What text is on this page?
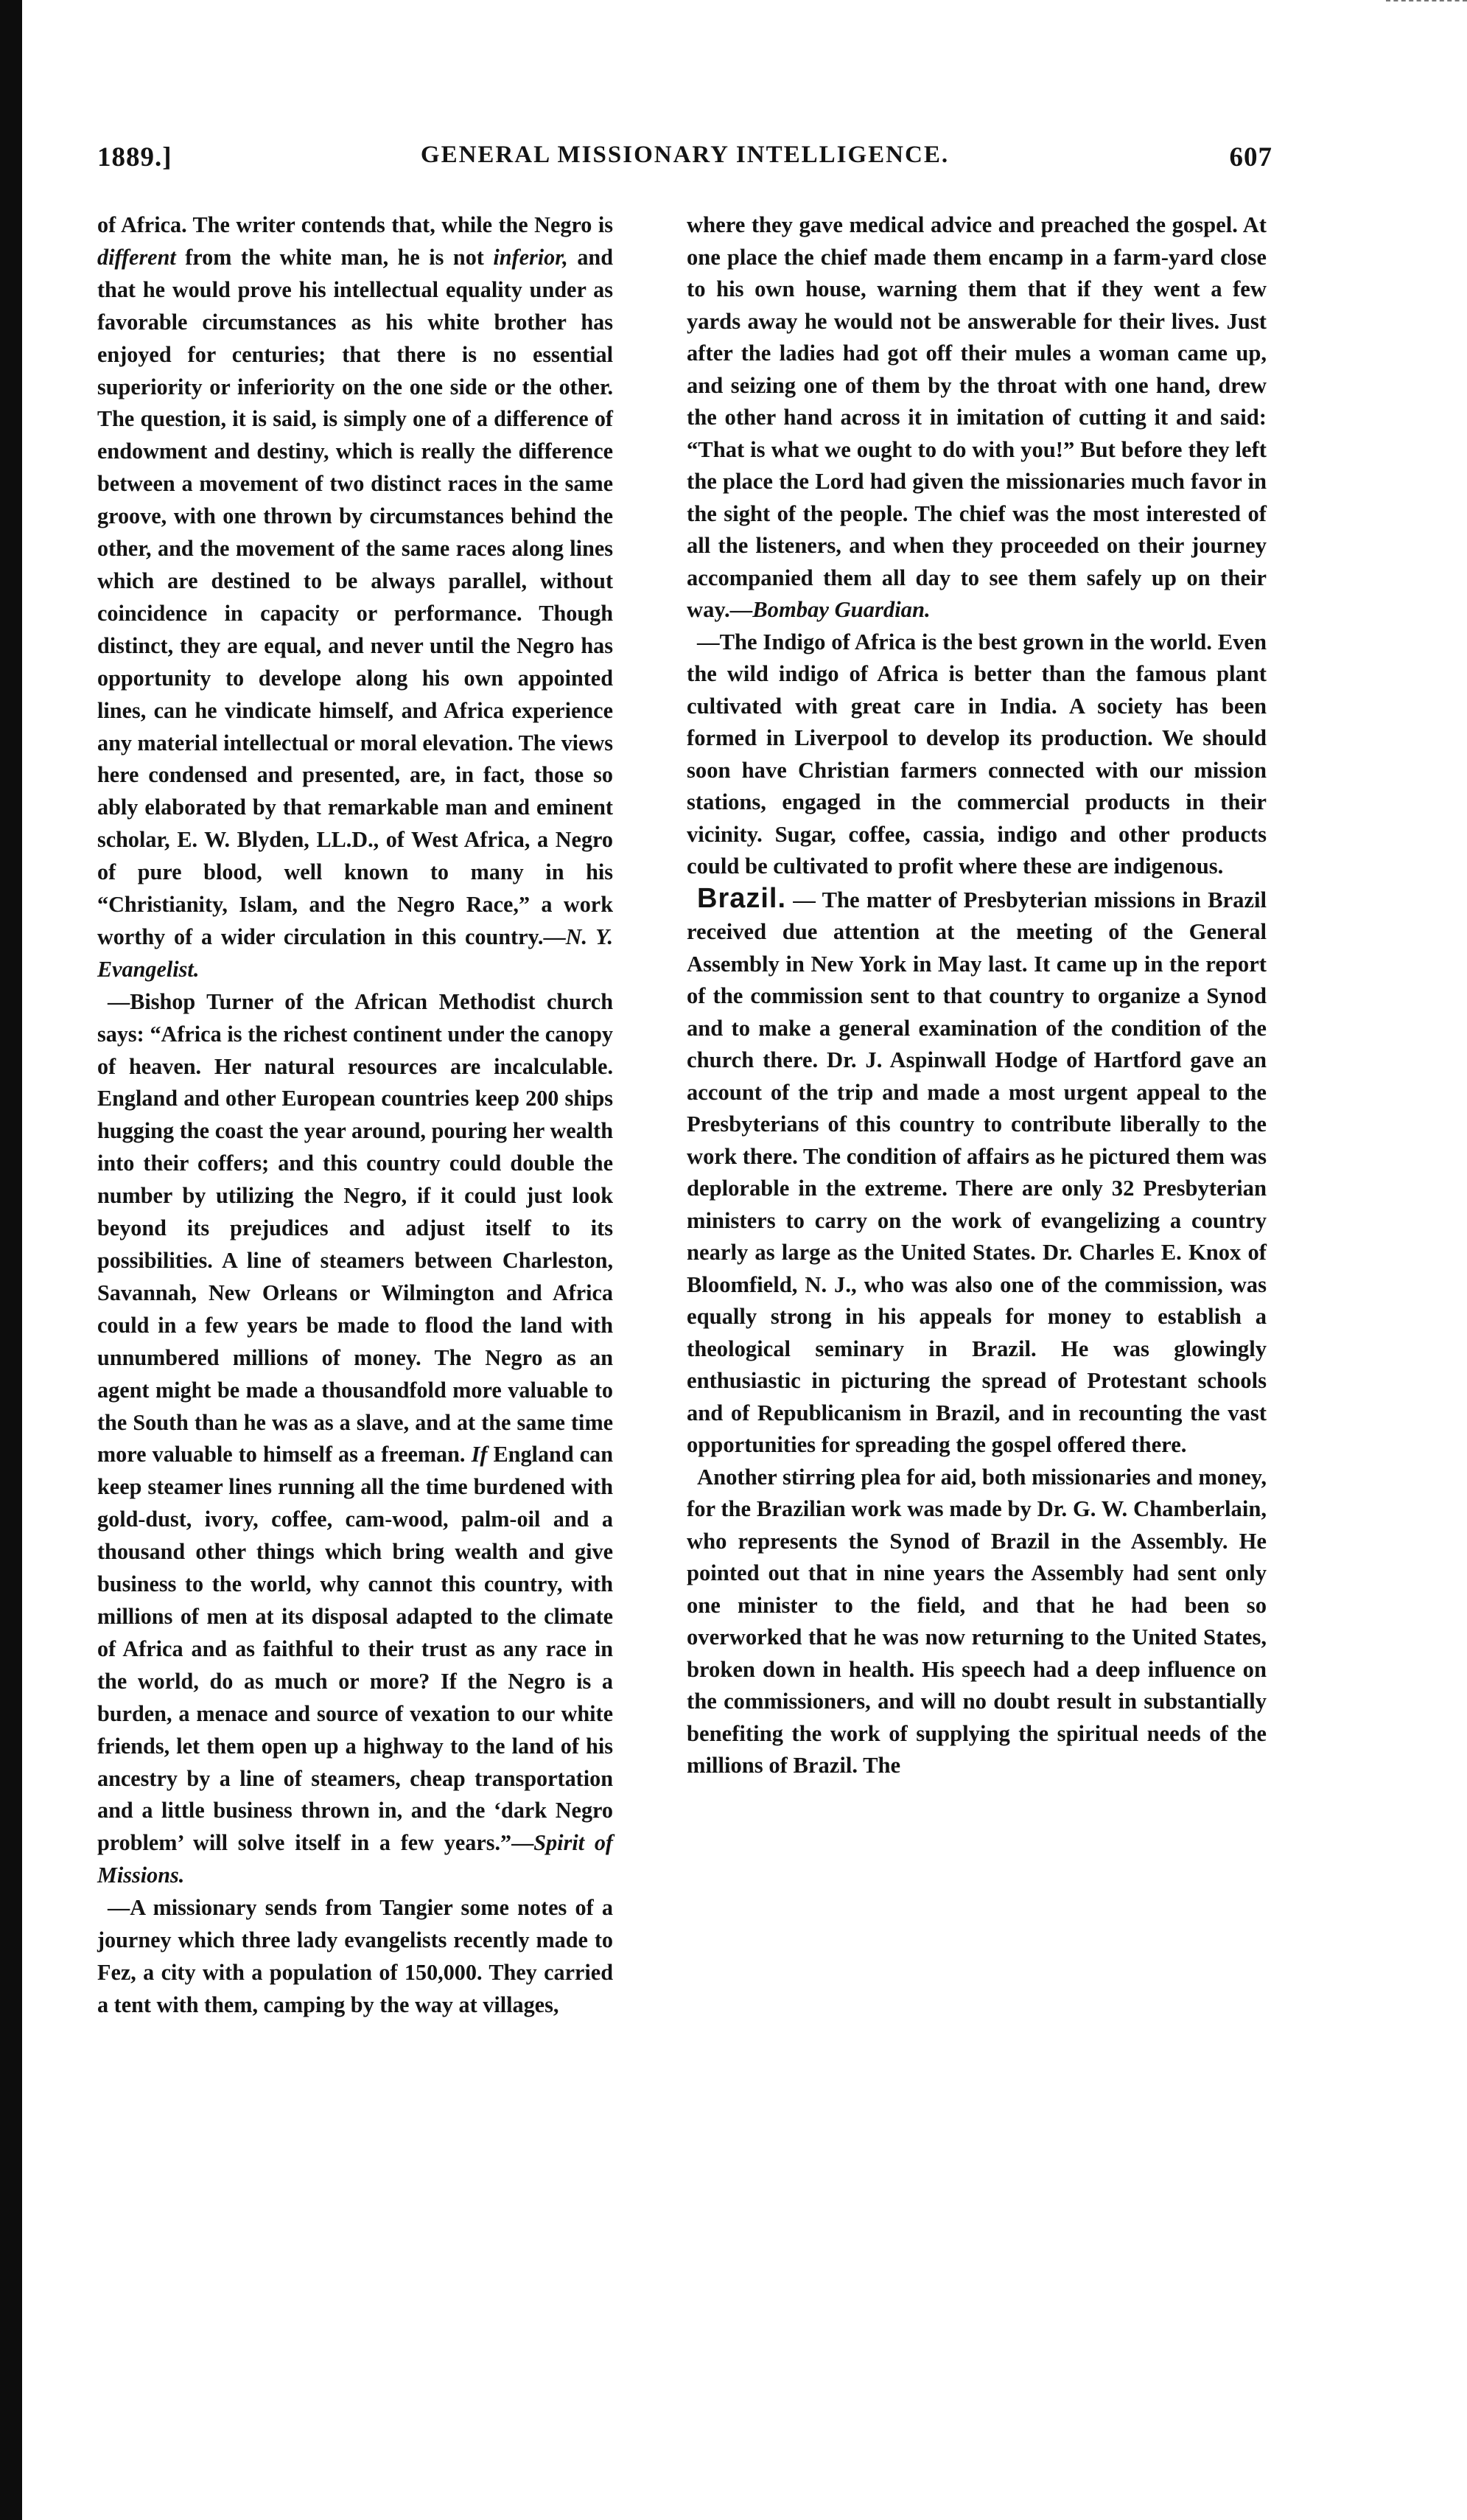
1889.]	GENERAL MISSIONARY INTELLIGENCE.	607

of Africa. The writer contends that, while the Negro is different from the white man, he is not inferior, and that he would prove his intellectual equality under as favorable circumstances as his white brother has enjoyed for centuries; that there is no essential superiority or inferiority on the one side or the other. The question, it is said, is simply one of a difference of endowment and destiny, which is really the difference between a movement of two distinct races in the same groove, with one thrown by circumstances behind the other, and the movement of the same races along lines which are destined to be always parallel, without coincidence in capacity or performance. Though distinct, they are equal, and never until the Negro has opportunity to develope along his own appointed lines, can he vindicate himself, and Africa experience any material intellectual or moral elevation. The views here condensed and presented, are, in fact, those so ably elaborated by that remarkable man and eminent scholar, E. W. Blyden, LL.D., of West Africa, a Negro of pure blood, well known to many in his “Christianity, Islam, and the Negro Race,” a work worthy of a wider circulation in this country.—N. Y. Evangelist.

—Bishop Turner of the African Methodist church says: “Africa is the richest continent under the canopy of heaven. Her natural resources are incalculable. England and other European countries keep 200 ships hugging the coast the year around, pouring her wealth into their coffers; and this country could double the number by utilizing the Negro, if it could just look beyond its prejudices and adjust itself to its possibilities. A line of steamers between Charleston, Savannah, New Orleans or Wilmington and Africa could in a few years be made to flood the land with unnumbered millions of money. The Negro as an agent might be made a thousandfold more valuable to the South than he was as a slave, and at the same time more valuable to himself as a freeman. If England can keep steamer lines running all the time burdened with gold-dust, ivory, coffee, cam-wood, palm-oil and a thousand other things which bring wealth and give business to the world, why cannot this country, with millions of men at its disposal adapted to the climate of Africa and as faithful to their trust as any race in the world, do as much or more? If the Negro is a burden, a menace and source of vexation to our white friends, let them open up a highway to the land of his ancestry by a line of steamers, cheap transportation and a little business thrown in, and the ‘dark Negro problem’ will solve itself in a few years.”—Spirit of Missions.

—A missionary sends from Tangier some notes of a journey which three lady evangelists recently made to Fez, a city with a population of 150,000. They carried a tent with them, camping by the way at villages,

where they gave medical advice and preached the gospel. At one place the chief made them encamp in a farm-yard close to his own house, warning them that if they went a few yards away he would not be answerable for their lives. Just after the ladies had got off their mules a woman came up, and seizing one of them by the throat with one hand, drew the other hand across it in imitation of cutting it and said: “That is what we ought to do with you!” But before they left the place the Lord had given the missionaries much favor in the sight of the people. The chief was the most interested of all the listeners, and when they proceeded on their journey accompanied them all day to see them safely up on their way.—Bombay Guardian.

—The Indigo of Africa is the best grown in the world. Even the wild indigo of Africa is better than the famous plant cultivated with great care in India. A society has been formed in Liverpool to develop its production. We should soon have Christian farmers connected with our mission stations, engaged in the commercial products in their vicinity. Sugar, coffee, cassia, indigo and other products could be cultivated to profit where these are indigenous.

Brazil. — The matter of Presbyterian missions in Brazil received due attention at the meeting of the General Assembly in New York in May last. It came up in the report of the commission sent to that country to organize a Synod and to make a general examination of the condition of the church there. Dr. J. Aspinwall Hodge of Hartford gave an account of the trip and made a most urgent appeal to the Presbyterians of this country to contribute liberally to the work there. The condition of affairs as he pictured them was deplorable in the extreme. There are only 32 Presbyterian ministers to carry on the work of evangelizing a country nearly as large as the United States. Dr. Charles E. Knox of Bloomfield, N. J., who was also one of the commission, was equally strong in his appeals for money to establish a theological seminary in Brazil. He was glowingly enthusiastic in picturing the spread of Protestant schools and of Republicanism in Brazil, and in recounting the vast opportunities for spreading the gospel offered there.

Another stirring plea for aid, both missionaries and money, for the Brazilian work was made by Dr. G. W. Chamberlain, who represents the Synod of Brazil in the Assembly. He pointed out that in nine years the Assembly had sent only one minister to the field, and that he had been so overworked that he was now returning to the United States, broken down in health. His speech had a deep influence on the commissioners, and will no doubt result in substantially benefiting the work of supplying the spiritual needs of the millions of Brazil. The
